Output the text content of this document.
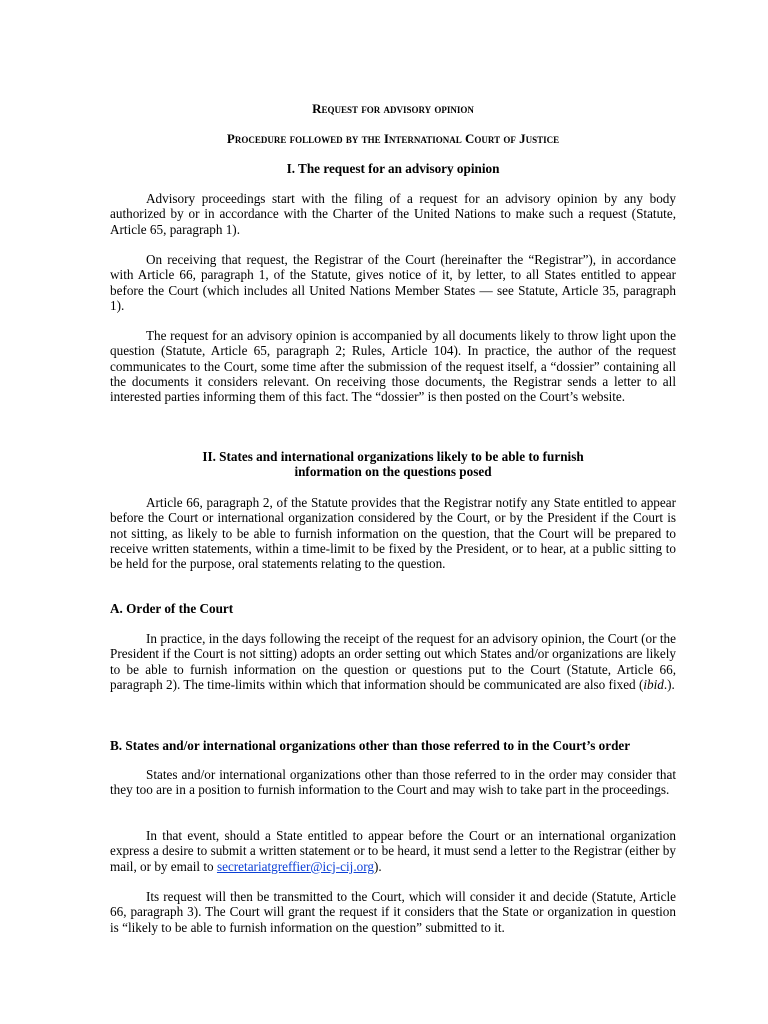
Request for advisory opinion
Procedure followed by the International Court of Justice
I. The request for an advisory opinion

Advisory proceedings start with the filing of a request for an advisory opinion by any body authorized by or in accordance with the Charter of the United Nations to make such a request (Statute, Article 65, paragraph 1).

On receiving that request, the Registrar of the Court (hereinafter the “Registrar”), in accordance with Article 66, paragraph 1, of the Statute, gives notice of it, by letter, to all States entitled to appear before the Court (which includes all United Nations Member States — see Statute, Article 35, paragraph 1).

The request for an advisory opinion is accompanied by all documents likely to throw light upon the question (Statute, Article 65, paragraph 2; Rules, Article 104). In practice, the author of the request communicates to the Court, some time after the submission of the request itself, a “dossier” containing all the documents it considers relevant. On receiving those documents, the Registrar sends a letter to all interested parties informing them of this fact. The “dossier” is then posted on the Court’s website.

II. States and international organizations likely to be able to furnish
information on the questions posed

Article 66, paragraph 2, of the Statute provides that the Registrar notify any State entitled to appear before the Court or international organization considered by the Court, or by the President if the Court is not sitting, as likely to be able to furnish information on the question, that the Court will be prepared to receive written statements, within a time-limit to be fixed by the President, or to hear, at a public sitting to be held for the purpose, oral statements relating to the question.

A. Order of the Court

In practice, in the days following the receipt of the request for an advisory opinion, the Court (or the President if the Court is not sitting) adopts an order setting out which States and/or organizations are likely to be able to furnish information on the question or questions put to the Court (Statute, Article 66, paragraph 2). The time-limits within which that information should be communicated are also fixed (ibid.).

B. States and/or international organizations other than those referred to in the Court’s order

States and/or international organizations other than those referred to in the order may consider that they too are in a position to furnish information to the Court and may wish to take part in the proceedings.

In that event, should a State entitled to appear before the Court or an international organization express a desire to submit a written statement or to be heard, it must send a letter to the Registrar (either by mail, or by email to secretariatgreffier@icj-cij.org).

Its request will then be transmitted to the Court, which will consider it and decide (Statute, Article 66, paragraph 3). The Court will grant the request if it considers that the State or organization in question is “likely to be able to furnish information on the question” submitted to it.
